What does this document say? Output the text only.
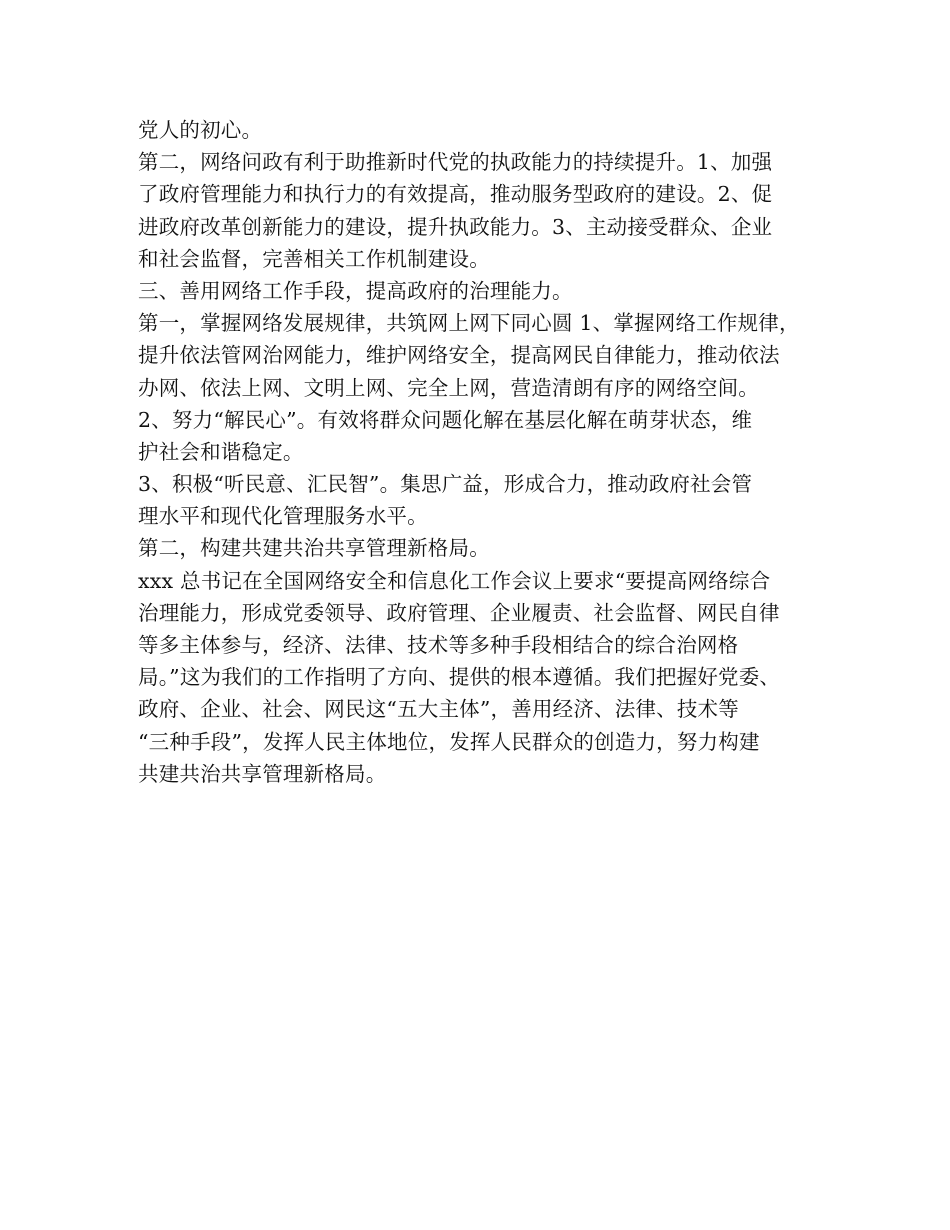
党人的初心。
第二，网络问政有利于助推新时代党的执政能力的持续提升。1、加强
了政府管理能力和执行力的有效提高，推动服务型政府的建设。2、促
进政府改革创新能力的建设，提升执政能力。3、主动接受群众、企业
和社会监督，完善相关工作机制建设。
三、善用网络工作手段，提高政府的治理能力。
第一，掌握网络发展规律，共筑网上网下同心圆 1、掌握网络工作规律，
提升依法管网治网能力，维护网络安全，提高网民自律能力，推动依法
办网、依法上网、文明上网、完全上网，营造清朗有序的网络空间。
2、努力“解民心”。有效将群众问题化解在基层化解在萌芽状态，维
护社会和谐稳定。
3、积极“听民意、汇民智”。集思广益，形成合力，推动政府社会管
理水平和现代化管理服务水平。
第二，构建共建共治共享管理新格局。
xxx 总书记在全国网络安全和信息化工作会议上要求“要提高网络综合
治理能力，形成党委领导、政府管理、企业履责、社会监督、网民自律
等多主体参与，经济、法律、技术等多种手段相结合的综合治网格
局。”这为我们的工作指明了方向、提供的根本遵循。我们把握好党委、
政府、企业、社会、网民这“五大主体”，善用经济、法律、技术等
“三种手段”，发挥人民主体地位，发挥人民群众的创造力，努力构建
共建共治共享管理新格局。
